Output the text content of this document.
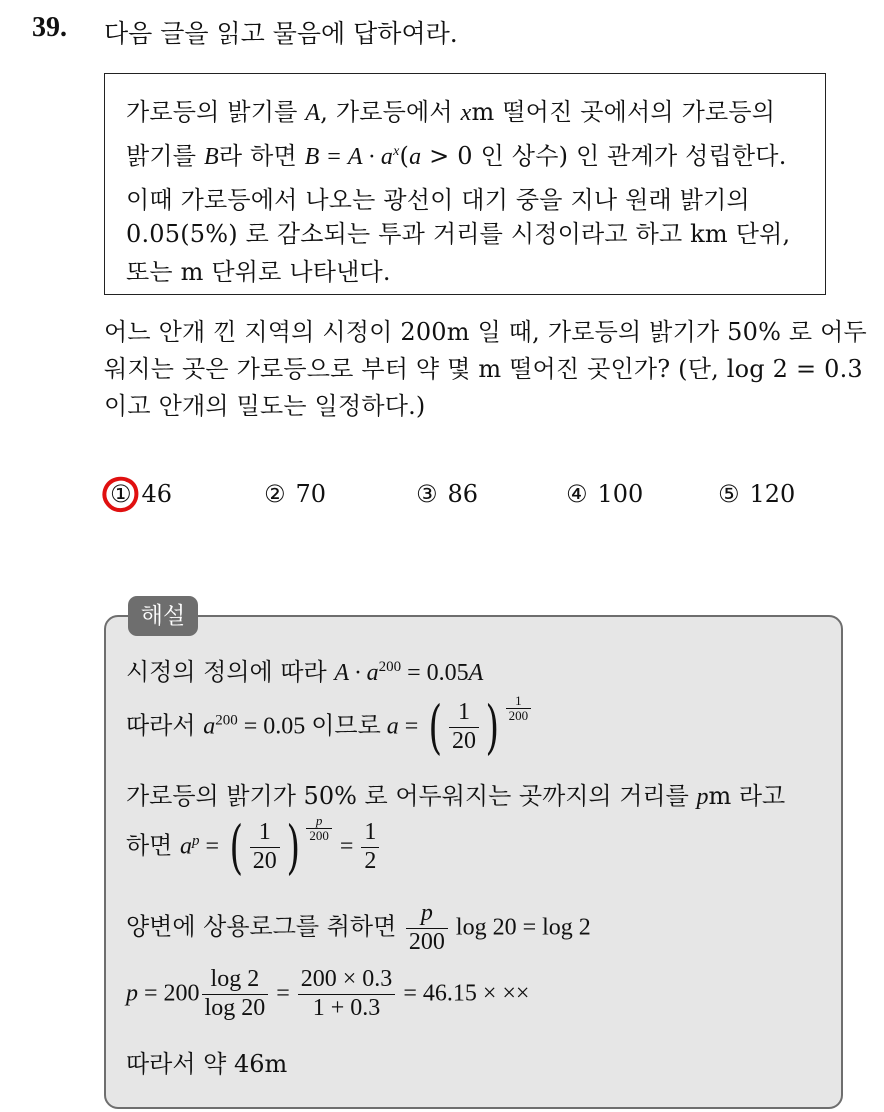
39. 다음 글을 읽고 물음에 답하여라.
가로등의 밝기를 A, 가로등에서 xm 떨어진 곳에서의 가로등의
밝기를 B라 하면 $B = A \cdot a^x(a > 0$ 인 상수) 인 관계가 성립한다.
이때 가로등에서 나오는 광선이 대기 중을 지나 원래 밝기의
0.05(5%) 로 감소되는 투과 거리를 시정이라고 하고 km 단위,
또는 m 단위로 나타낸다.
어느 안개 낀 지역의 시정이 200m 일 때, 가로등의 밝기가 50% 로 어두
워지는 곳은 가로등으로 부터 약 몇 m 떨어진 곳인가? (단, log 2 = 0.3
이고 안개의 밀도는 일정하다.)
① 46	② 70	③ 86	④ 100	⑤ 120
해설
시정의 정의에 따라 $A \cdot a^{200} = 0.05A$
따라서 $a^{200} = 0.05$ 이므로 a = ( $\frac{1}{20}$ ) $\frac{1}{200}$
가로등의 밝기가 50% 로 어두워지는 곳까지의 거리를 pm 라고
하면 $a^p$ = ( $\frac{1}{20}$ ) $\frac{p}{200}$
= $\frac{1}{2}$
양변에 상용로그를 취하면 $\frac{p}{200}$ log 20 = log 2
$p = 200 \frac{\log 2}{\log 20} = \frac{200 \times 0.3}{1 + 0.3} = 46.15$ × ××
따라서 약 46m
